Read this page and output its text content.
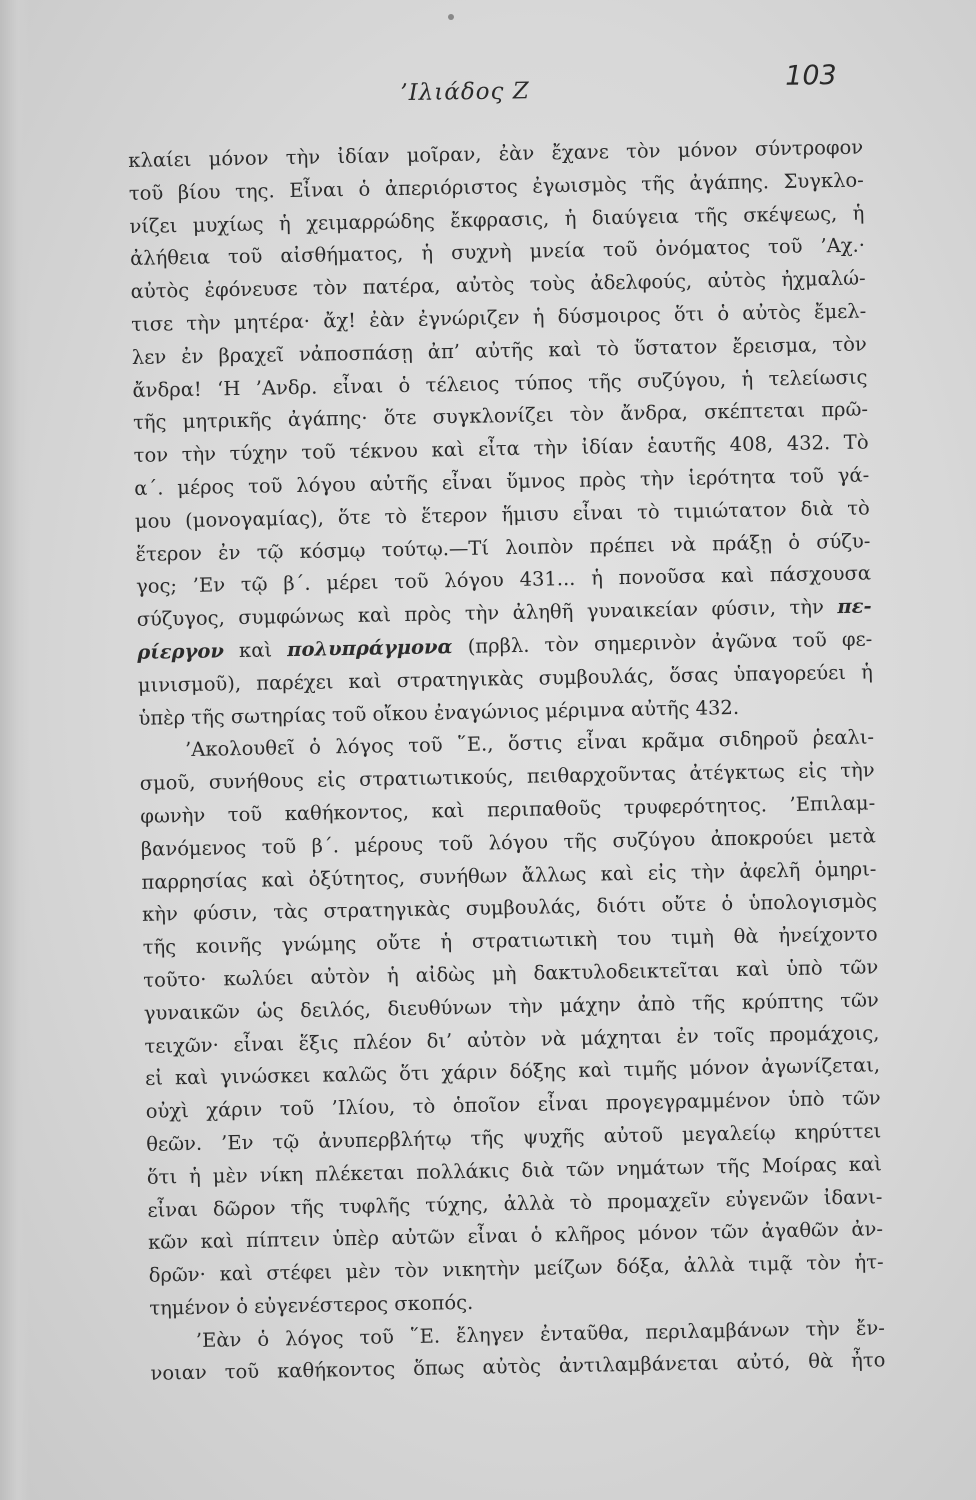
’Ιλιάδος Ζ
103
κλαίει μόνον τὴν ἰδίαν μοῖραν, ἐὰν ἔχανε τὸν μόνον σύντροφον
τοῦ βίου της. Εἶναι ὁ ἀπεριόριστος ἐγωισμὸς τῆς ἀγάπης. Συγκλο-
νίζει μυχίως ἡ χειμαρρώδης ἔκφρασις, ἡ διαύγεια τῆς σκέψεως, ἡ
ἀλήθεια τοῦ αἰσθήματος, ἡ συχνὴ μνεία τοῦ ὀνόματος τοῦ ’Αχ.·
αὐτὸς ἐφόνευσε τὸν πατέρα, αὐτὸς τοὺς ἀδελφούς, αὐτὸς ἠχμαλώ-
τισε τὴν μητέρα· ἄχ! ἐὰν ἐγνώριζεν ἡ δύσμοιρος ὅτι ὁ αὐτὸς ἔμελ-
λεν ἐν βραχεῖ νἀποσπάσῃ ἀπ’ αὐτῆς καὶ τὸ ὕστατον ἔρεισμα, τὸν
ἄνδρα! ‘Η ’Ανδρ. εἶναι ὁ τέλειος τύπος τῆς συζύγου, ἡ τελείωσις
τῆς μητρικῆς ἀγάπης· ὅτε συγκλονίζει τὸν ἄνδρα, σκέπτεται πρῶ-
τον τὴν τύχην τοῦ τέκνου καὶ εἶτα τὴν ἰδίαν ἑαυτῆς 408, 432. Τὸ
α΄. μέρος τοῦ λόγου αὐτῆς εἶναι ὕμνος πρὸς τὴν ἱερότητα τοῦ γά-
μου (μονογαμίας), ὅτε τὸ ἕτερον ἥμισυ εἶναι τὸ τιμιώτατον διὰ τὸ
ἕτερον ἐν τῷ κόσμῳ τούτῳ.—Τί λοιπὸν πρέπει νὰ πράξῃ ὁ σύζυ-
γος; ’Εν τῷ β΄. μέρει τοῦ λόγου 431... ἡ πονοῦσα καὶ πάσχουσα
σύζυγος, συμφώνως καὶ πρὸς τὴν ἀληθῆ γυναικείαν φύσιν, τὴν πε-
ρίεργον καὶ πολυπράγμονα (πρβλ. τὸν σημερινὸν ἀγῶνα τοῦ φε-
μινισμοῦ), παρέχει καὶ στρατηγικὰς συμβουλάς, ὅσας ὑπαγορεύει ἡ
ὑπὲρ τῆς σωτηρίας τοῦ οἴκου ἐναγώνιος μέριμνα αὐτῆς 432.
’Ακολουθεῖ ὁ λόγος τοῦ ῞Ε., ὅστις εἶναι κρᾶμα σιδηροῦ ῥεαλι-
σμοῦ, συνήθους εἰς στρατιωτικούς, πειθαρχοῦντας ἀτέγκτως εἰς τὴν
φωνὴν τοῦ καθήκοντος, καὶ περιπαθοῦς τρυφερότητος. ’Επιλαμ-
βανόμενος τοῦ β΄. μέρους τοῦ λόγου τῆς συζύγου ἀποκρούει μετὰ
παρρησίας καὶ ὀξύτητος, συνήθων ἄλλως καὶ εἰς τὴν ἀφελῆ ὁμηρι-
κὴν φύσιν, τὰς στρατηγικὰς συμβουλάς, διότι οὔτε ὁ ὑπολογισμὸς
τῆς κοινῆς γνώμης οὔτε ἡ στρατιωτικὴ του τιμὴ θὰ ἠνείχοντο
τοῦτο· κωλύει αὐτὸν ἡ αἰδὼς μὴ δακτυλοδεικτεῖται καὶ ὑπὸ τῶν
γυναικῶν ὡς δειλός, διευθύνων τὴν μάχην ἀπὸ τῆς κρύπτης τῶν
τειχῶν· εἶναι ἕξις πλέον δι’ αὐτὸν νὰ μάχηται ἐν τοῖς προμάχοις,
εἰ καὶ γινώσκει καλῶς ὅτι χάριν δόξης καὶ τιμῆς μόνον ἀγωνίζεται,
οὐχὶ χάριν τοῦ ’Ιλίου, τὸ ὁποῖον εἶναι προγεγραμμένον ὑπὸ τῶν
θεῶν. ’Εν τῷ ἀνυπερβλήτῳ τῆς ψυχῆς αὐτοῦ μεγαλείῳ κηρύττει
ὅτι ἡ μὲν νίκη πλέκεται πολλάκις διὰ τῶν νημάτων τῆς Μοίρας καὶ
εἶναι δῶρον τῆς τυφλῆς τύχης, ἀλλὰ τὸ προμαχεῖν εὐγενῶν ἰδανι-
κῶν καὶ πίπτειν ὑπὲρ αὐτῶν εἶναι ὁ κλῆρος μόνον τῶν ἀγαθῶν ἀν-
δρῶν· καὶ στέφει μὲν τὸν νικητὴν μείζων δόξα, ἀλλὰ τιμᾷ τὸν ἡτ-
τημένον ὁ εὐγενέστερος σκοπός.
’Εὰν ὁ λόγος τοῦ ῞Ε. ἔληγεν ἐνταῦθα, περιλαμβάνων τὴν ἔν-
νοιαν τοῦ καθήκοντος ὅπως αὐτὸς ἀντιλαμβάνεται αὐτό, θὰ ἦτο
